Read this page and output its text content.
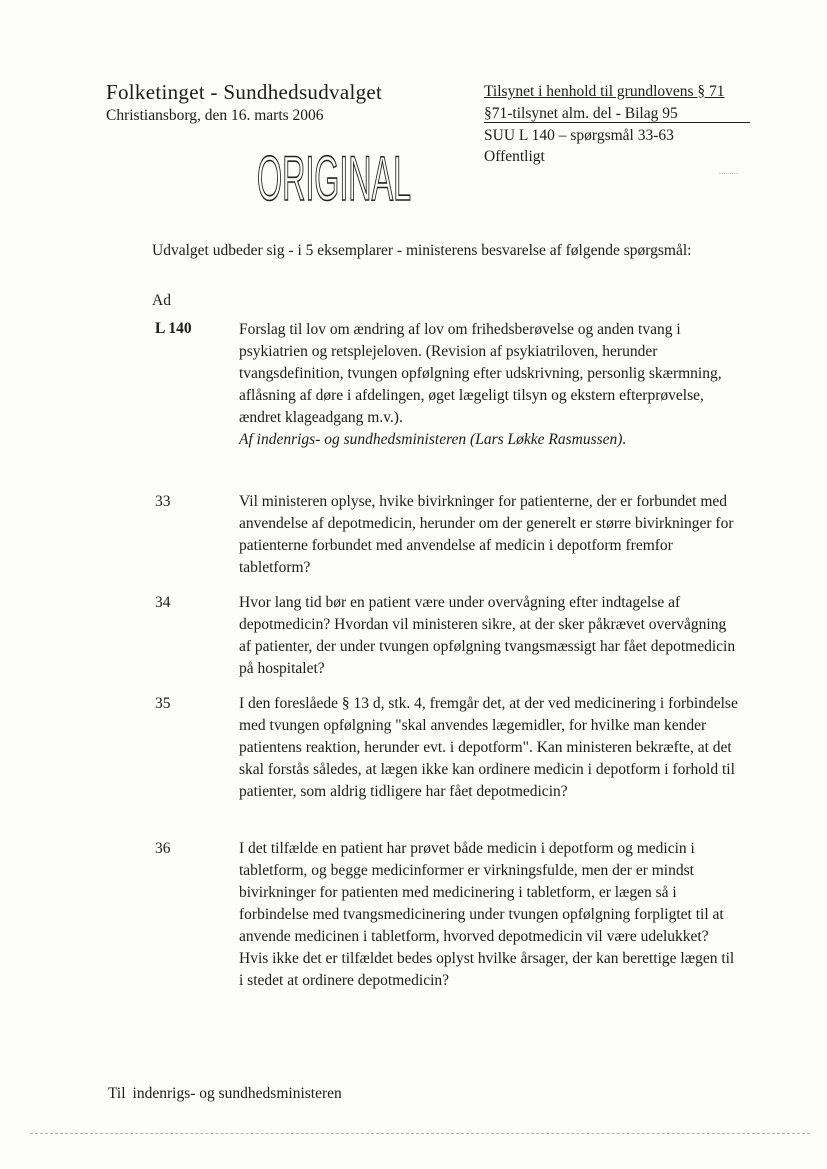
Folketinget - Sundhedsudvalget
Christiansborg, den 16. marts 2006
ORIGINAL
Tilsynet i henhold til grundlovens § 71
§71-tilsynet alm. del - Bilag 95
SUU L 140 – spørgsmål 33-63
Offentligt
Udvalget udbeder sig - i 5 eksemplarer - ministerens besvarelse af følgende spørgsmål:
Ad
L 140	Forslag til lov om ændring af lov om frihedsberøvelse og anden tvang i psykiatrien og retsplejeloven. (Revision af psykiatriloven, herunder tvangsdefinition, tvungen opfølgning efter udskrivning, personlig skærmning, aflåsning af døre i afdelingen, øget lægeligt tilsyn og ekstern efterprøvelse, ændret klageadgang m.v.).
Af indenrigs- og sundhedsministeren (Lars Løkke Rasmussen).
33	Vil ministeren oplyse, hvike bivirkninger for patienterne, der er forbundet med anvendelse af depotmedicin, herunder om der generelt er større bivirkninger for patienterne forbundet med anvendelse af medicin i depotform fremfor tabletform?
34	Hvor lang tid bør en patient være under overvågning efter indtagelse af depotmedicin? Hvordan vil ministeren sikre, at der sker påkrævet overvågning af patienter, der under tvungen opfølgning tvangsmæssigt har fået depotmedicin på hospitalet?
35	I den foreslåede § 13 d, stk. 4, fremgår det, at der ved medicinering i forbindelse med tvungen opfølgning "skal anvendes lægemidler, for hvilke man kender patientens reaktion, herunder evt. i depotform". Kan ministeren bekræfte, at det skal forstås således, at lægen ikke kan ordinere medicin i depotform i forhold til patienter, som aldrig tidligere har fået depotmedicin?
36	I det tilfælde en patient har prøvet både medicin i depotform og medicin i tabletform, og begge medicinformer er virkningsfulde, men der er mindst bivirkninger for patienten med medicinering i tabletform, er lægen så i forbindelse med tvangsmedicinering under tvungen opfølgning forpligtet til at anvende medicinen i tabletform, hvorved depotmedicin vil være udelukket? Hvis ikke det er tilfældet bedes oplyst hvilke årsager, der kan berettige lægen til i stedet at ordinere depotmedicin?
Til indenrigs- og sundhedsministeren
